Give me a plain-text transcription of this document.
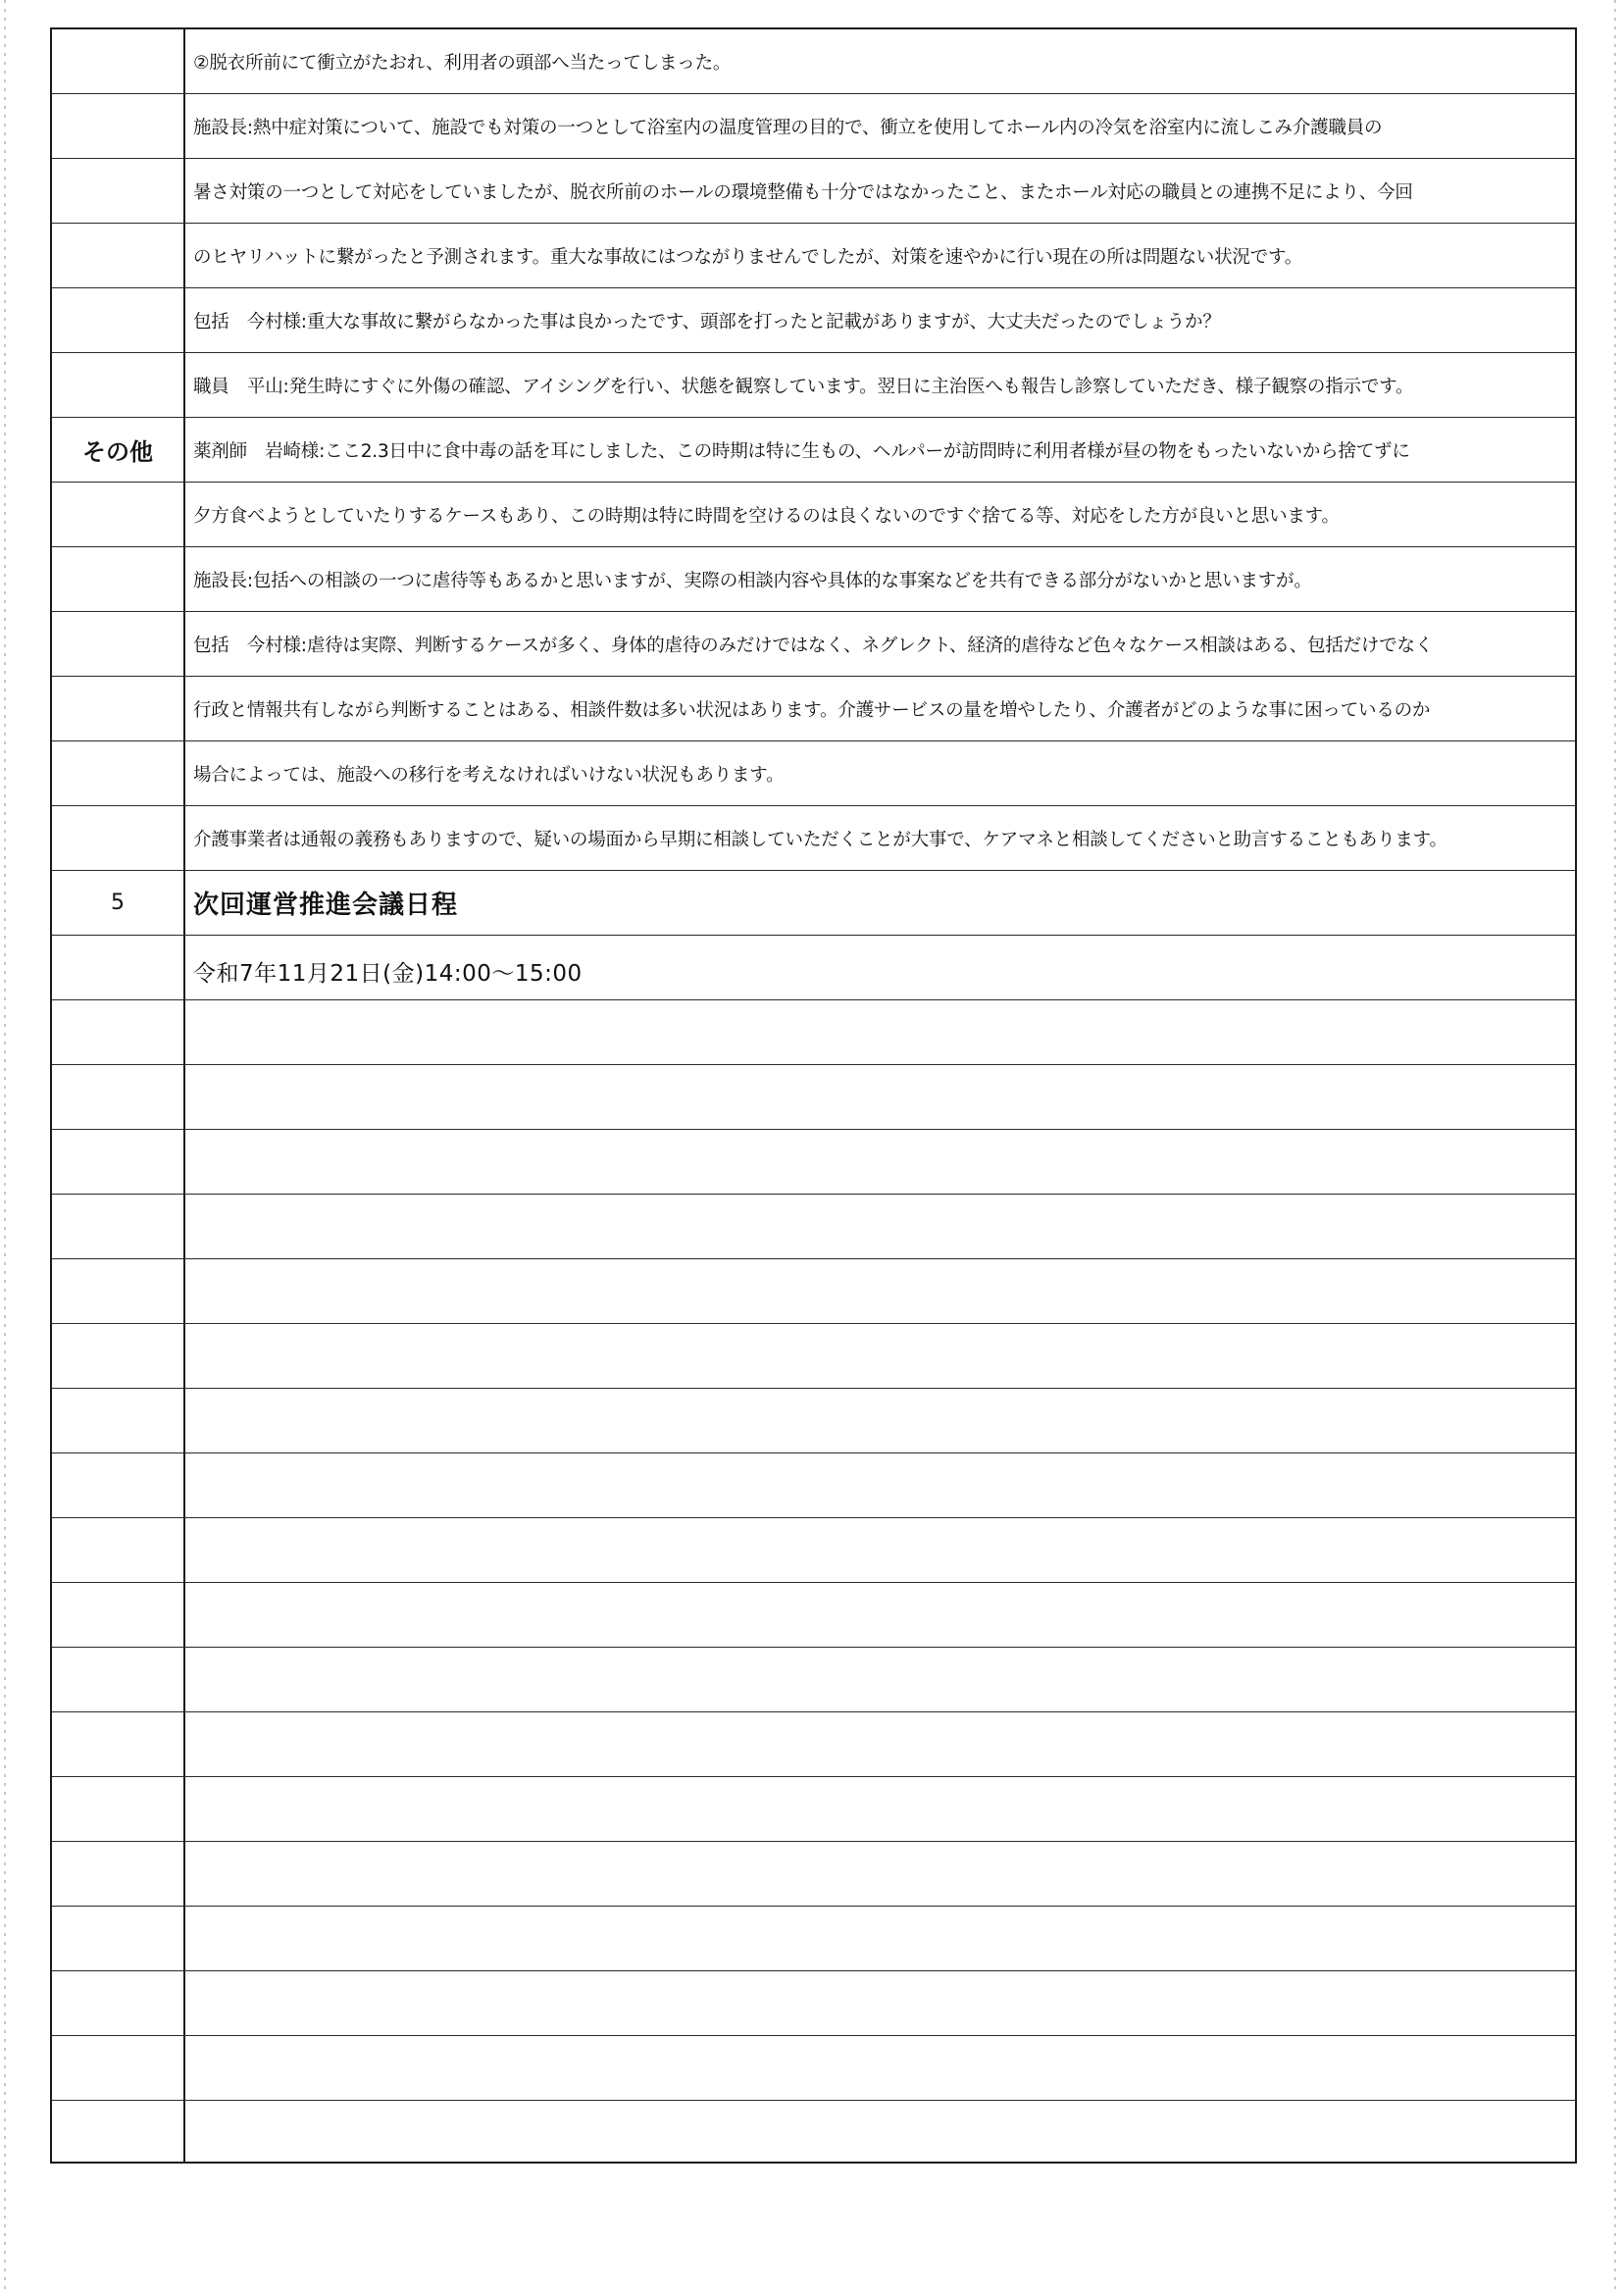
②脱衣所前にて衝立がたおれ、利用者の頭部へ当たってしまった。
施設長:熱中症対策について、施設でも対策の一つとして浴室内の温度管理の目的で、衝立を使用してホール内の冷気を浴室内に流しこみ介護職員の
暑さ対策の一つとして対応をしていましたが、脱衣所前のホールの環境整備も十分ではなかったこと、またホール対応の職員との連携不足により、今回
のヒヤリハットに繋がったと予測されます。重大な事故にはつながりませんでしたが、対策を速やかに行い現在の所は問題ない状況です。
包括　今村様:重大な事故に繋がらなかった事は良かったです、頭部を打ったと記載がありますが、大丈夫だったのでしょうか？
職員　平山:発生時にすぐに外傷の確認、アイシングを行い、状態を観察しています。翌日に主治医へも報告し診察していただき、様子観察の指示です。
その他	薬剤師　岩崎様:ここ2.3日中に食中毒の話を耳にしました、この時期は特に生もの、ヘルパーが訪問時に利用者様が昼の物をもったいないから捨てずに
夕方食べようとしていたりするケースもあり、この時期は特に時間を空けるのは良くないのですぐ捨てる等、対応をした方が良いと思います。
施設長:包括への相談の一つに虐待等もあるかと思いますが、実際の相談内容や具体的な事案などを共有できる部分がないかと思いますが。
包括　今村様:虐待は実際、判断するケースが多く、身体的虐待のみだけではなく、ネグレクト、経済的虐待など色々なケース相談はある、包括だけでなく
行政と情報共有しながら判断することはある、相談件数は多い状況はあります。介護サービスの量を増やしたり、介護者がどのような事に困っているのか
場合によっては、施設への移行を考えなければいけない状況もあります。
介護事業者は通報の義務もありますので、疑いの場面から早期に相談していただくことが大事で、ケアマネと相談してくださいと助言することもあります。
5	次回運営推進会議日程
令和7年11月21日(金)14:00～15:00
